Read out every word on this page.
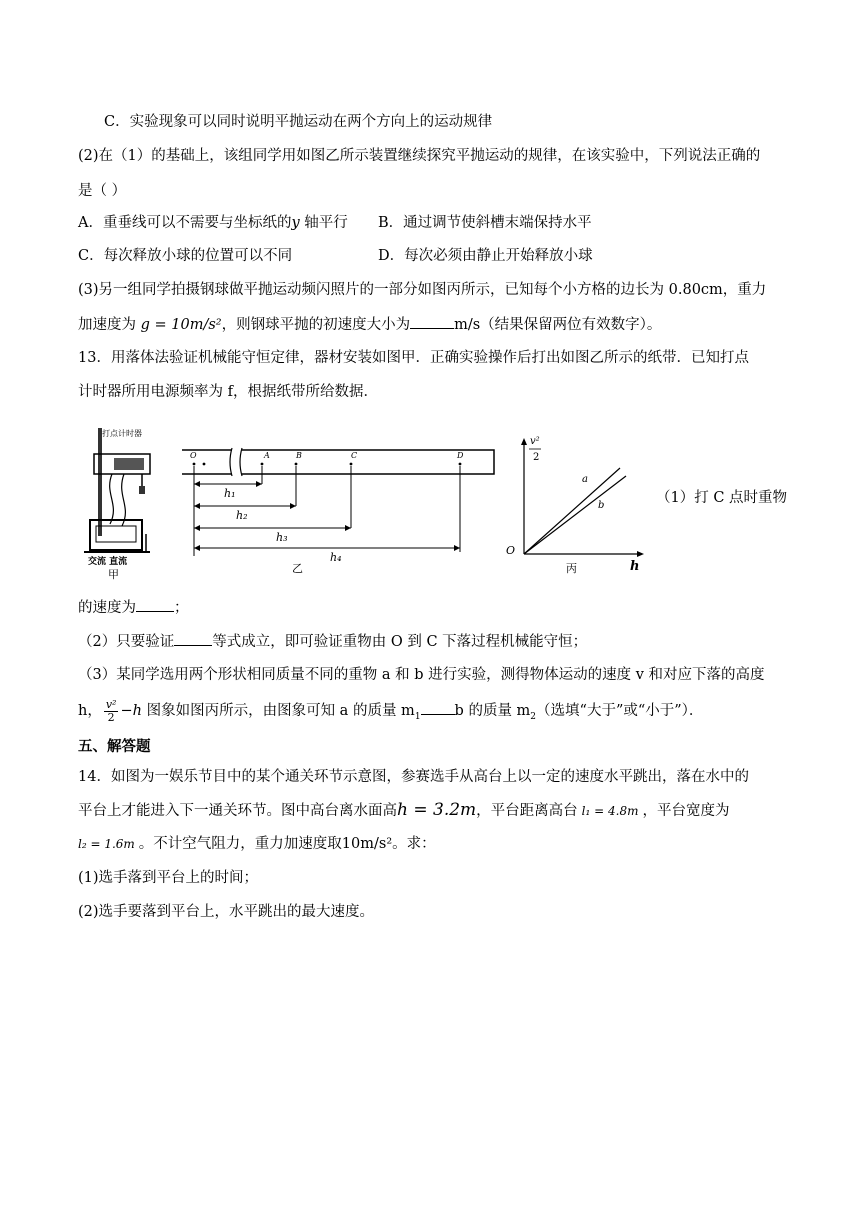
C．实验现象可以同时说明平抛运动在两个方向上的运动规律
(2)在（1）的基础上，该组同学用如图乙所示装置继续探究平抛运动的规律，在该实验中，下列说法正确的
是（ ）
A．重垂线可以不需要与坐标纸的y 轴平行 B．通过调节使斜槽末端保持水平
C．每次释放小球的位置可以不同	D．每次必须由静止开始释放小球
(3)另一组同学拍摄钢球做平抛运动频闪照片的一部分如图丙所示，已知每个小方格的边长为 0.80cm，重力
加速度为 g = 10m/s²，则钢球平抛的初速度大小为	m/s（结果保留两位有效数字）。
13．用落体法验证机械能守恒定律，器材安装如图甲．正确实验操作后打出如图乙所示的纸带．已知打点
计时器所用电源频率为 f，根据纸带所给数据．
打点计时器
交流 直流
甲
O	A	B	C	D
h₁
h₂
h₃
h₄
乙
v²
2
a
b
O
h
丙
（1）打 C 点时重物
的速度为	；
（2）只要验证	等式成立，即可验证重物由 O 到 C 下落过程机械能守恒；
（3）某同学选用两个形状相同质量不同的重物 a 和 b 进行实验，测得物体运动的速度 v 和对应下落的高度
h， $\frac{\text{v²}}{2} -h$ 图象如图丙所示，由图象可知 a 的质量 $m_1$ b 的质量 $m_2$（选填“大于”或“小于”）．
五、解答题
14．如图为一娱乐节目中的某个通关环节示意图，参赛选手从高台上以一定的速度水平跳出，落在水中的
平台上才能进入下一通关环节。图中高台离水面高h = 3.2m，平台距离高台 l₁ = 4.8m ，平台宽度为
l₂ = 1.6m 。不计空气阻力，重力加速度取10m/s²。求：
(1)选手落到平台上的时间；
(2)选手要落到平台上，水平跳出的最大速度。
